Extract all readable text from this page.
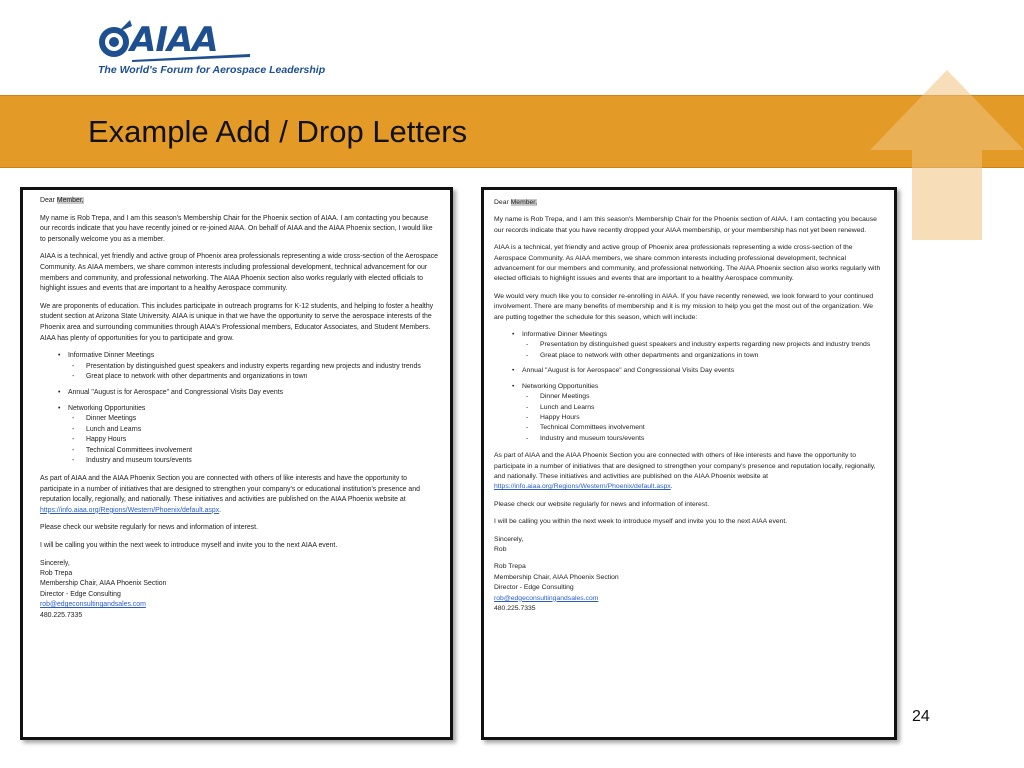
AIAA
The World's Forum for Aerospace Leadership
Example Add / Drop Letters

Dear Member,

My name is Rob Trepa, and I am this season's Membership Chair for the Phoenix section of AIAA. I am contacting you because our records indicate that you have recently joined or re-joined AIAA. On behalf of AIAA and the AIAA Phoenix section, I would like to personally welcome you as a member.

AIAA is a technical, yet friendly and active group of Phoenix area professionals representing a wide cross-section of the Aerospace Community. As AIAA members, we share common interests including professional development, technical advancement for our members and community, and professional networking. The AIAA Phoenix section also works regularly with elected officials to highlight issues and events that are important to a healthy Aerospace community.

We are proponents of education. This includes participate in outreach programs for K-12 students, and helping to foster a healthy student section at Arizona State University. AIAA is unique in that we have the opportunity to serve the aerospace interests of the Phoenix area and surrounding communities through AIAA's Professional members, Educator Associates, and Student Members. AIAA has plenty of opportunities for you to participate and grow.

• Informative Dinner Meetings
- Presentation by distinguished guest speakers and industry experts regarding new projects and industry trends
- Great place to network with other departments and organizations in town
• Annual "August is for Aerospace" and Congressional Visits Day events
• Networking Opportunities
- Dinner Meetings
- Lunch and Learns
- Happy Hours
- Technical Committees involvement
- Industry and museum tours/events

As part of AIAA and the AIAA Phoenix Section you are connected with others of like interests and have the opportunity to participate in a number of initiatives that are designed to strengthen your company's or educational institution's presence and reputation locally, regionally, and nationally. These initiatives and activities are published on the AIAA Phoenix website at https://info.aiaa.org/Regions/Western/Phoenix/default.aspx.

Please check our website regularly for news and information of interest.

I will be calling you within the next week to introduce myself and invite you to the next AIAA event.

Sincerely,
Rob Trepa
Membership Chair, AIAA Phoenix Section
Director - Edge Consulting
rob@edgeconsultingandsales.com
480.225.7335

Dear Member,

My name is Rob Trepa, and I am this season's Membership Chair for the Phoenix section of AIAA. I am contacting you because our records indicate that you have recently dropped your AIAA membership, or your membership has not yet been renewed.

AIAA is a technical, yet friendly and active group of Phoenix area professionals representing a wide cross-section of the Aerospace Community. As AIAA members, we share common interests including professional development, technical advancement for our members and community, and professional networking. The AIAA Phoenix section also works regularly with elected officials to highlight issues and events that are important to a healthy Aerospace community.

We would very much like you to consider re-enrolling in AIAA. If you have recently renewed, we look forward to your continued involvement. There are many benefits of membership and it is my mission to help you get the most out of the organization. We are putting together the schedule for this season, which will include:

• Informative Dinner Meetings
- Presentation by distinguished guest speakers and industry experts regarding new projects and industry trends
- Great place to network with other departments and organizations in town
• Annual "August is for Aerospace" and Congressional Visits Day events
• Networking Opportunities
- Dinner Meetings
- Lunch and Learns
- Happy Hours
- Technical Committees involvement
- Industry and museum tours/events

As part of AIAA and the AIAA Phoenix Section you are connected with others of like interests and have the opportunity to participate in a number of initiatives that are designed to strengthen your company's presence and reputation locally, regionally, and nationally. These initiatives and activities are published on the AIAA Phoenix website at https://info.aiaa.org/Regions/Western/Phoenix/default.aspx.

Please check our website regularly for news and information of interest.

I will be calling you within the next week to introduce myself and invite you to the next AIAA event.

Sincerely,
Rob
Rob Trepa
Membership Chair, AIAA Phoenix Section
Director - Edge Consulting
rob@edgeconsultingandsales.com
480.225.7335
24
